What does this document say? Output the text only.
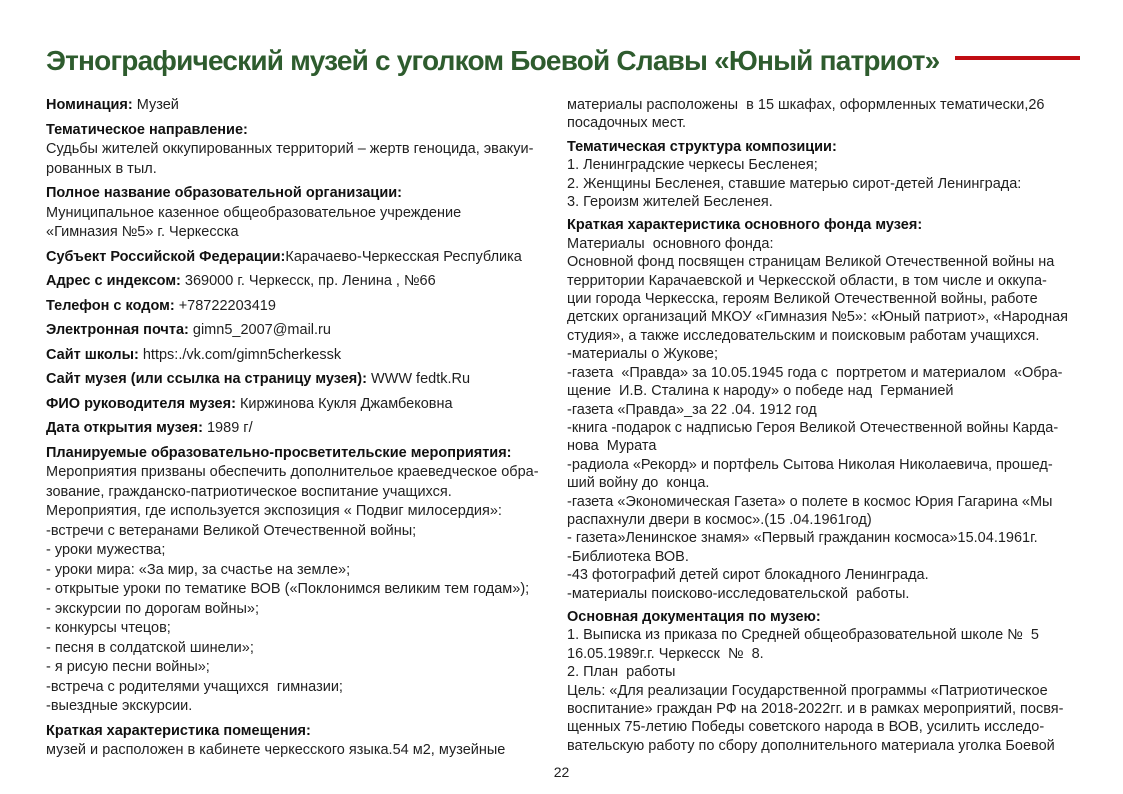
Этнографический музей с уголком Боевой Славы «Юный патриот»

Номинация: Музей

Тематическое направление:
Судьбы жителей оккупированных территорий – жертв геноцида, эвакуи-
рованных в тыл.
Полное название образовательной организации:
Муниципальное казенное общеобразовательное учреждение
«Гимназия №5» г. Черкесска

Субъект Российской Федерации:Карачаево-Черкесская Республика

Адрес с индексом: 369000 г. Черкесск, пр. Ленина , №66

Телефон с кодом: +78722203419

Электронная почта: gimn5_2007@mail.ru

Сайт школы: https:./vk.com/gimn5cherkessk

Сайт музея (или ссылка на страницу музея): WWW fedtk.Ru

ФИО руководителя музея: Киржинова Кукля Джамбековна

Дата открытия музея: 1989 г/

Планируемые образовательно-просветительские мероприятия:
Мероприятия призваны обеспечить дополнительое краеведческое обра-
зование, гражданско-патриотическое воспитание учащихся.
Мероприятия, где используется экспозиция « Подвиг милосердия»:
-встречи с ветеранами Великой Отечественной войны;
- уроки мужества;
- уроки мира: «За мир, за счастье на земле»;
- открытые уроки по тематике ВОВ («Поклонимся великим тем годам»);
- экскурсии по дорогам войны»;
- конкурсы чтецов;
- песня в солдатской шинели»;
- я рисую песни войны»;
-встреча с родителями учащихся  гимназии;
-выездные экскурсии.
Краткая характеристика помещения:
музей и расположен в кабинете черкесского языка.54 м2, музейные
материалы расположены  в 15 шкафах, оформленных тематически,26
посадочных мест.
Тематическая структура композиции:
1. Ленинградские черкесы Бесленея;
2. Женщины Бесленея, ставшие матерью сирот-детей Ленинграда:
3. Героизм жителей Бесленея.
Краткая характеристика основного фонда музея:
Материалы  основного фонда:
Основной фонд посвящен страницам Великой Отечественной войны на
территории Карачаевской и Черкесской области, в том числе и оккупа-
ции города Черкесска, героям Великой Отечественной войны, работе
детских организаций МКОУ «Гимназия №5»: «Юный патриот», «Народная
студия», а также исследовательским и поисковым работам учащихся.
-материалы о Жукове;
-газета  «Правда» за 10.05.1945 года с  портретом и материалом  «Обра-
щение  И.В. Сталина к народу» о победе над  Германией
-газета «Правда»_за 22 .04. 1912 год
-книга -подарок с надписью Героя Великой Отечественной войны Карда-
нова  Мурата
-радиола «Рекорд» и портфель Сытова Николая Николаевича, прошед-
ший войну до  конца.
-газета «Экономическая Газета» о полете в космос Юрия Гагарина «Мы
распахнули двери в космос».(15 .04.1961год)
- газета»Ленинское знамя» «Первый гражданин космоса»15.04.1961г.
-Библиотека ВОВ.
-43 фотографий детей сирот блокадного Ленинграда.
-материалы поисково-исследовательской  работы.
Основная документация по музею:
1. Выписка из приказа по Средней общеобразовательной школе №  5
16.05.1989г.г. Черкесск  №  8.
2. План  работы
Цель: «Для реализации Государственной программы «Патриотическое
воспитание» граждан РФ на 2018-2022гг. и в рамках мероприятий, посвя-
щенных 75-летию Победы советского народа в ВОВ, усилить исследо-
вательскую работу по сбору дополнительного материала уголка Боевой
22
